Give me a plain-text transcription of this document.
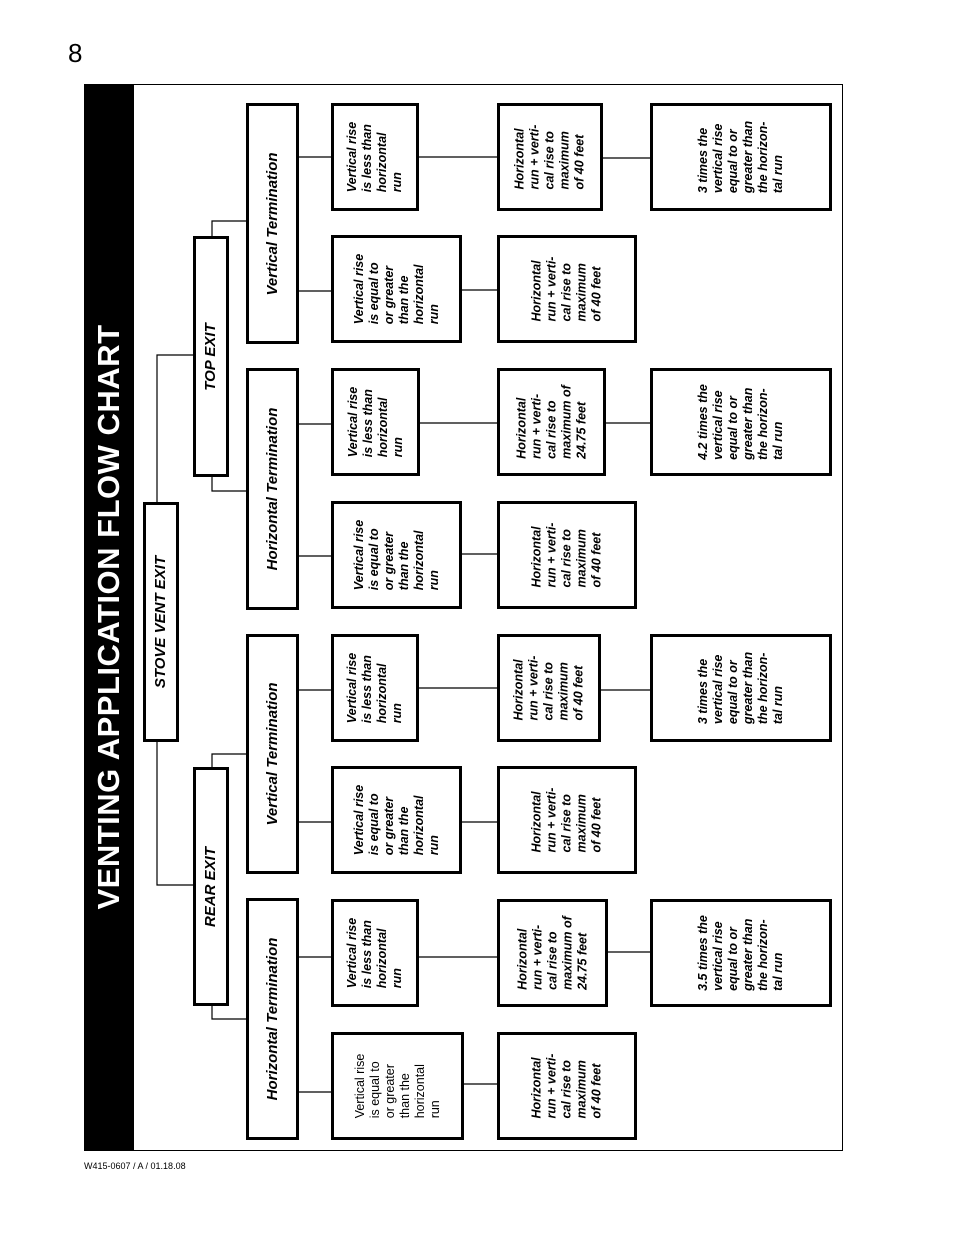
8
VENTING APPLICATION FLOW CHART STOVE VENT EXIT
REAR EXIT
TOP EXIT
Horizontal Termination
Vertical Termination
Horizontal Termination
Vertical Termination
Vertical rise
is equal to
or greater
than the
horizontal
run
Vertical rise
is less than
horizontal
run
Horizontal
run + verti-
cal rise to
maximum
of 40 feet
Horizontal
run + verti-
cal rise to
maximum of
24.75 feet
3.5 times the
vertical rise
equal to or
greater than
the horizon-
tal run
Vertical rise
is equal to
or greater
than the
horizontal
run
Vertical rise
is less than
horizontal
run
Horizontal
run + verti-
cal rise to
maximum
of 40 feet
Horizontal
run + verti-
cal rise to
maximum
of 40 feet
3 times the
vertical rise
equal to or
greater than
the horizon-
tal run
Vertical rise
is equal to
or greater
than the
horizontal
run
Vertical rise
is less than
horizontal
run
Horizontal
run + verti-
cal rise to
maximum
of 40 feet
Horizontal
run + verti-
cal rise to
maximum of
24.75 feet
4.2 times the
vertical rise
equal to or
greater than
the horizon-
tal run
Vertical rise
is equal to
or greater
than the
horizontal
run
Vertical rise
is less than
horizontal
run
Horizontal
run + verti-
cal rise to
maximum
of 40 feet
Horizontal
run + verti-
cal rise to
maximum
of 40 feet
3 times the
vertical rise
equal to or
greater than
the horizon-
tal run
W415-0607 / A / 01.18.08
